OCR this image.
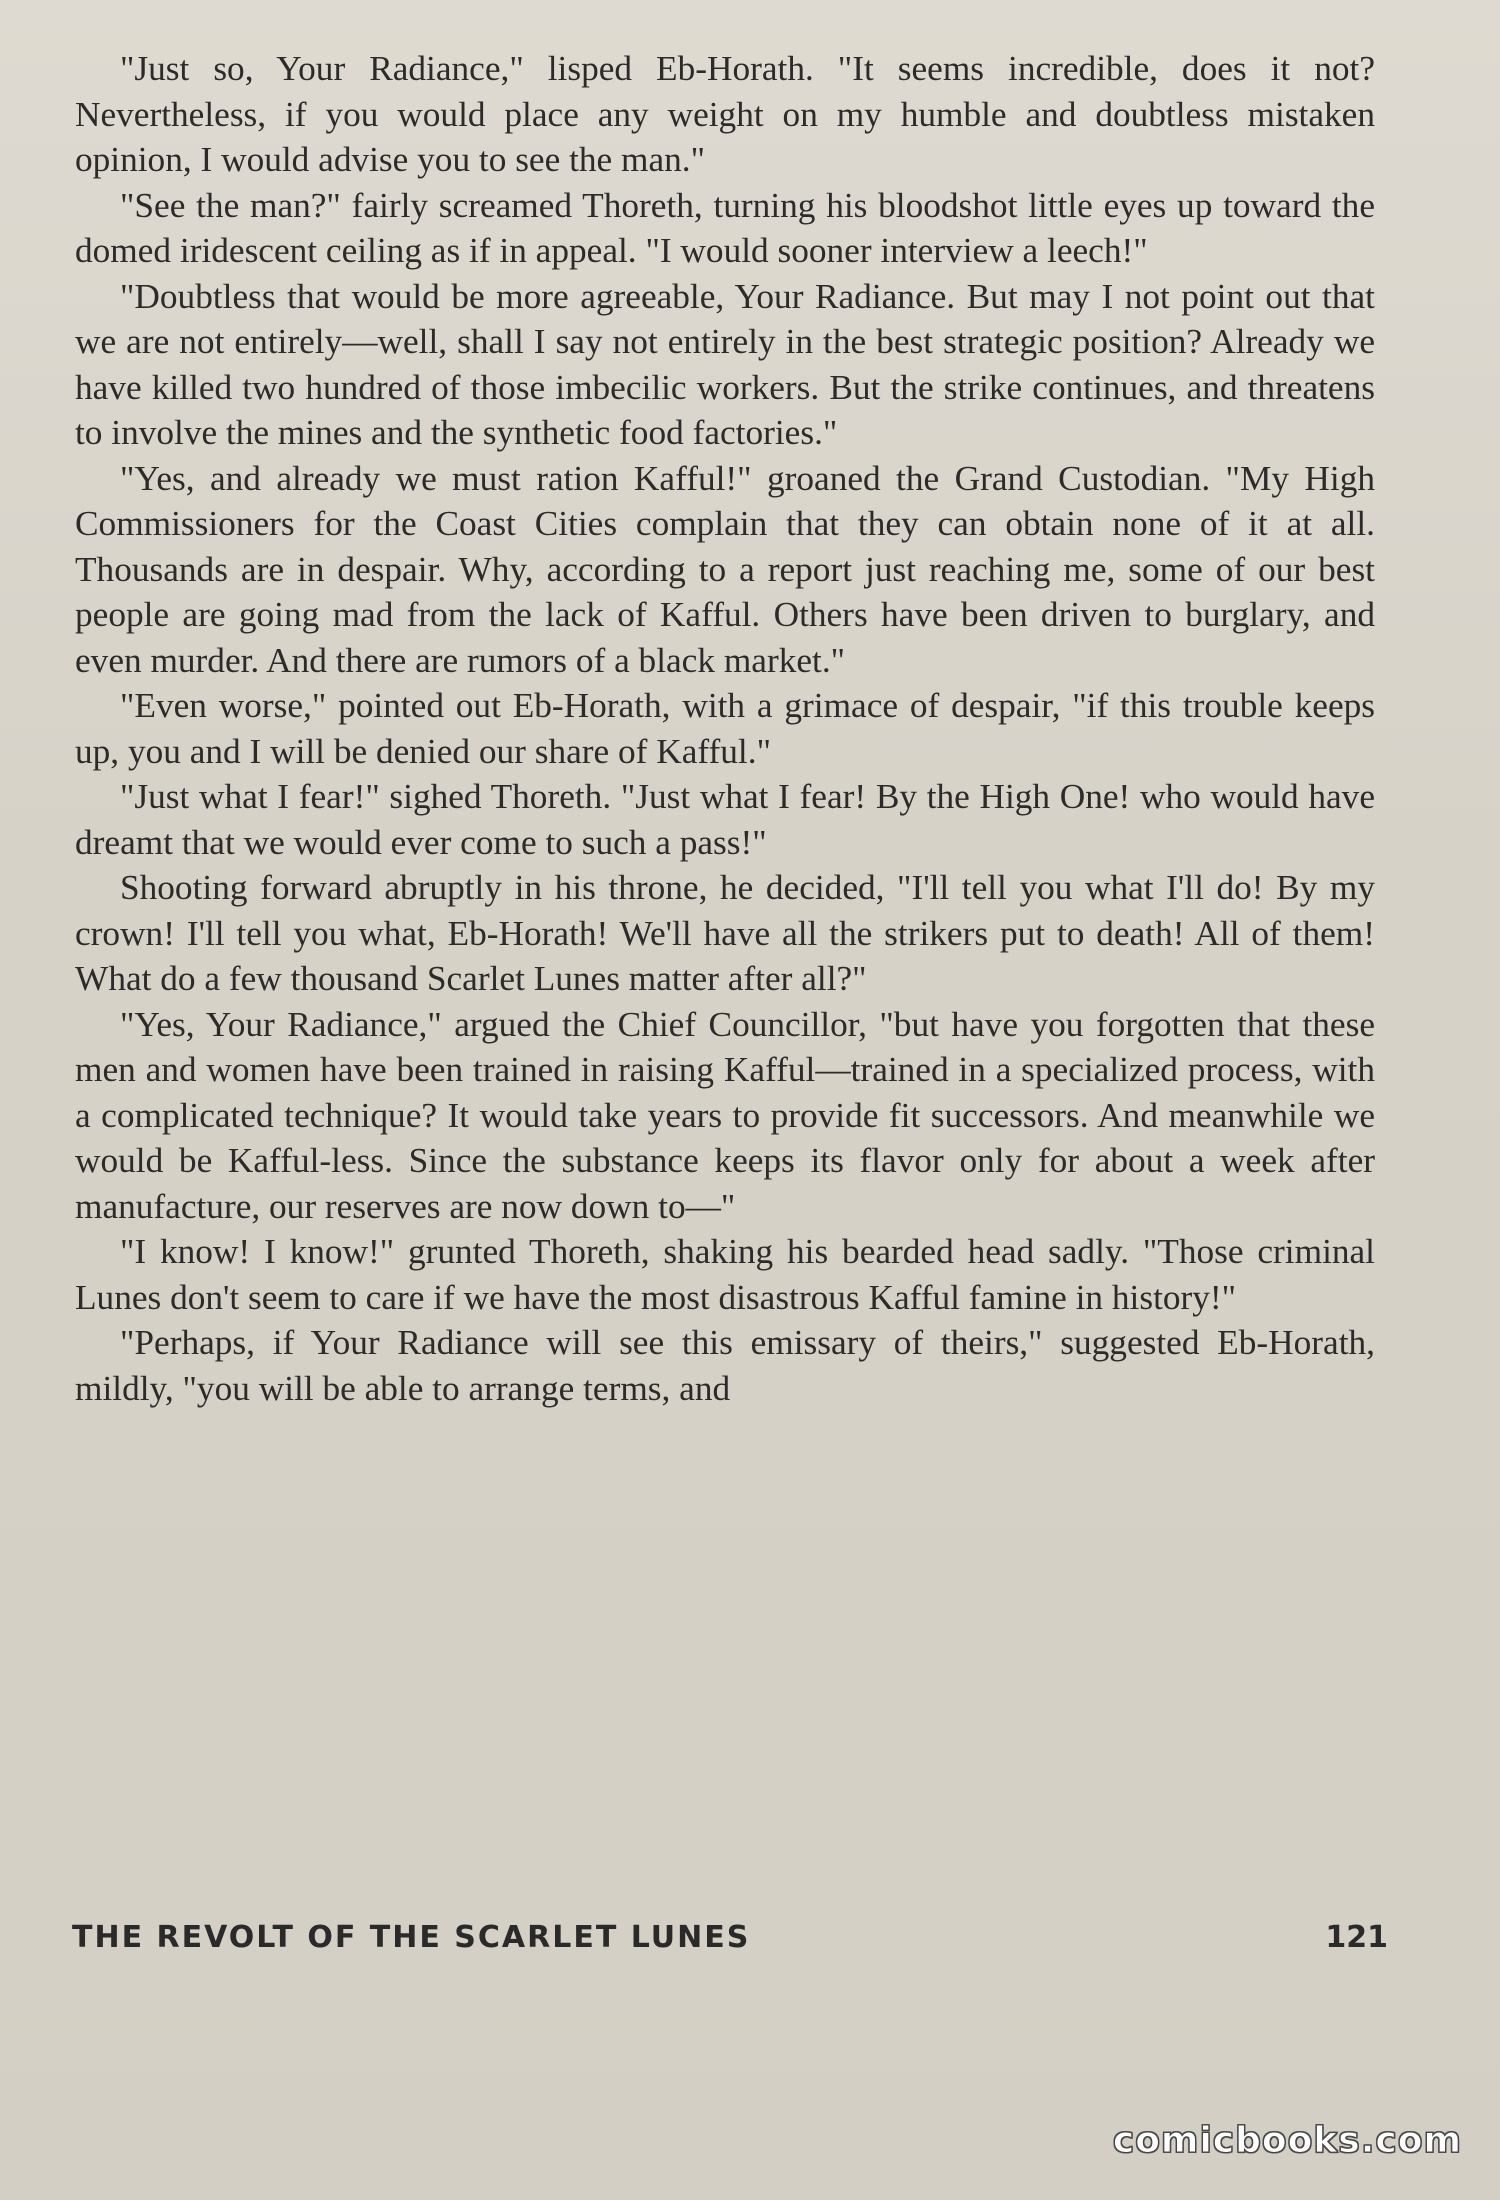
"Just so, Your Radiance," lisped Eb-Horath. "It seems incredible, does it not? Nevertheless, if you would place any weight on my humble and doubtless mistaken opinion, I would advise you to see the man."

"See the man?" fairly screamed Thoreth, turning his bloodshot little eyes up toward the domed iridescent ceiling as if in appeal. "I would sooner interview a leech!"

"Doubtless that would be more agreeable, Your Radiance. But may I not point out that we are not entirely—well, shall I say not entirely in the best strategic position? Already we have killed two hundred of those imbecilic workers. But the strike continues, and threatens to involve the mines and the synthetic food factories."

"Yes, and already we must ration Kafful!" groaned the Grand Custodian. "My High Commissioners for the Coast Cities complain that they can obtain none of it at all. Thousands are in despair. Why, according to a report just reaching me, some of our best people are going mad from the lack of Kafful. Others have been driven to burglary, and even murder. And there are rumors of a black market."

"Even worse," pointed out Eb-Horath, with a grimace of despair, "if this trouble keeps up, you and I will be denied our share of Kafful."

"Just what I fear!" sighed Thoreth. "Just what I fear! By the High One! who would have dreamt that we would ever come to such a pass!"

Shooting forward abruptly in his throne, he decided, "I'll tell you what I'll do! By my crown! I'll tell you what, Eb-Horath! We'll have all the strikers put to death! All of them! What do a few thousand Scarlet Lunes matter after all?"

"Yes, Your Radiance," argued the Chief Councillor, "but have you forgotten that these men and women have been trained in raising Kafful—trained in a specialized process, with a complicated technique? It would take years to provide fit successors. And meanwhile we would be Kafful-less. Since the substance keeps its flavor only for about a week after manufacture, our reserves are now down to—"

"I know! I know!" grunted Thoreth, shaking his bearded head sadly. "Those criminal Lunes don't seem to care if we have the most disastrous Kafful famine in history!"

"Perhaps, if Your Radiance will see this emissary of theirs," suggested Eb-Horath, mildly, "you will be able to arrange terms, and

THE REVOLT OF THE SCARLET LUNES	121
comicbooks.com
